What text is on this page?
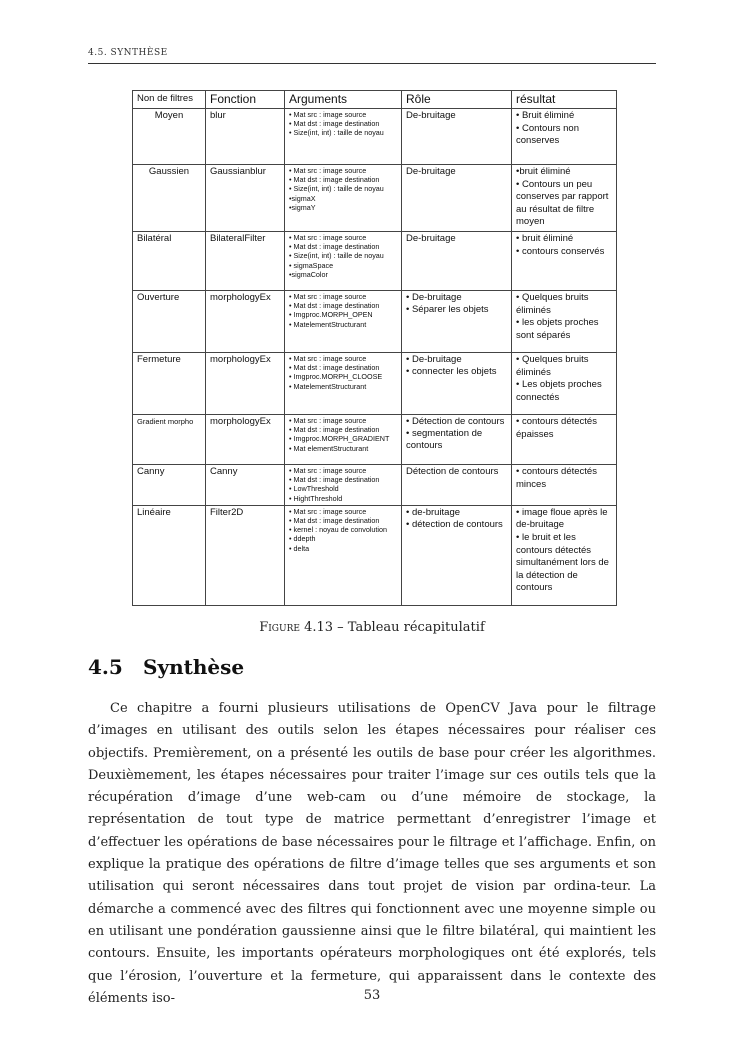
4.5. SYNTHÈSE
Non de filtres	Fonction	Arguments	Rôle	résultat
Moyen	blur	• Mat src : image source
• Mat dst : image destination
• Size(int, int) : taille de noyau	De-bruitage	• Bruit éliminé
• Contours non conserves

Gaussien	Gaussianblur	• Mat src : image source
• Mat dst : image destination
• Size(int, int) : taille de noyau
•sigmaX
•sigmaY	De-bruitage	•bruit éliminé
• Contours un peu conserves par rapport au résultat de filtre moyen

Bilatéral	BilateralFilter	• Mat src : image source
• Mat dst : image destination
• Size(int, int) : taille de noyau
• sigmaSpace
•sigmaColor	De-bruitage	• bruit éliminé
• contours conservés

Ouverture	morphologyEx	• Mat src : image source
• Mat dst : image destination
• Imgproc.MORPH_OPEN
• MatelementStructurant	• De-bruitage
• Séparer les objets	• Quelques bruits éliminés
• les objets proches sont séparés

Fermeture	morphologyEx	• Mat src : image source
• Mat dst : image destination
• Imgproc.MORPH_CLOOSE
• MatelementStructurant	• De-bruitage
• connecter les objets	• Quelques bruits éliminés
• Les objets proches connectés

Gradient morpho	morphologyEx	• Mat src : image source
• Mat dst : image destination
• Imgproc.MORPH_GRADIENT
• Mat elementStructurant	• Détection de contours
• segmentation de contours	• contours détectés épaisses

Canny	Canny	• Mat src : image source
• Mat dst : image destination
• LowThreshold
• HightThreshold	Détection de contours	• contours détectés minces

Linéaire	Filter2D	• Mat src : image source
• Mat dst : image destination
• kernel : noyau de convolution
• ddepth
• delta	• de-bruitage
• détection de contours	• image floue après le de-bruitage
• le bruit et les contours détectés simultanément lors de la détection de contours
Figure 4.13 – Tableau récapitulatif
4.5 Synthèse

Ce chapitre a fourni plusieurs utilisations de OpenCV Java pour le filtrage d’images en utilisant des outils selon les étapes nécessaires pour réaliser ces objectifs. Premièrement, on a présenté les outils de base pour créer les algorithmes. Deuxièmement, les étapes nécessaires pour traiter l’image sur ces outils tels que la récupération d’image d’une web-cam ou d’une mémoire de stockage, la représentation de tout type de matrice permettant d’enregistrer l’image et d’effectuer les opérations de base nécessaires pour le filtrage et l’affichage. Enfin, on explique la pratique des opérations de filtre d’image telles que ses arguments et son utilisation qui seront nécessaires dans tout projet de vision par ordina-teur. La démarche a commencé avec des filtres qui fonctionnent avec une moyenne simple ou en utilisant une pondération gaussienne ainsi que le filtre bilatéral, qui maintient les contours. Ensuite, les importants opérateurs morphologiques ont été explorés, tels que l’érosion, l’ouverture et la fermeture, qui apparaissent dans le contexte des éléments iso-	53
